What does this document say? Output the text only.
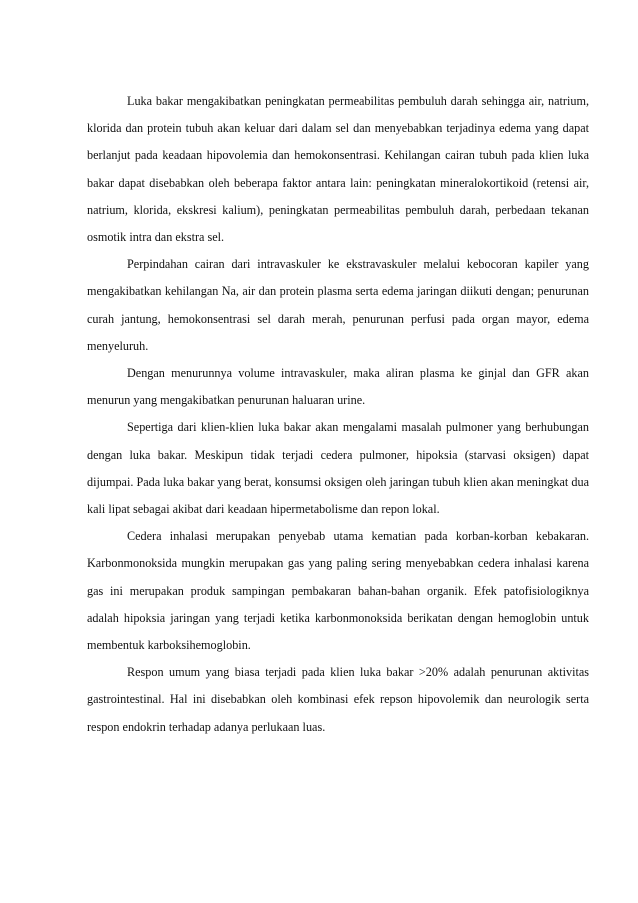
Luka bakar mengakibatkan peningkatan permeabilitas pembuluh darah sehingga air, natrium, klorida dan protein tubuh akan keluar dari dalam sel dan menyebabkan terjadinya edema yang dapat berlanjut pada keadaan hipovolemia dan hemokonsentrasi. Kehilangan cairan tubuh pada klien luka bakar dapat disebabkan oleh beberapa faktor antara lain: peningkatan mineralokortikoid (retensi air, natrium, klorida, ekskresi kalium), peningkatan permeabilitas pembuluh darah, perbedaan tekanan osmotik intra dan ekstra sel.

Perpindahan cairan dari intravaskuler ke ekstravaskuler melalui kebocoran kapiler yang mengakibatkan kehilangan Na, air dan protein plasma serta edema jaringan diikuti dengan; penurunan curah jantung, hemokonsentrasi sel darah merah, penurunan perfusi pada organ mayor, edema menyeluruh.

Dengan menurunnya volume intravaskuler, maka aliran plasma ke ginjal dan GFR akan menurun yang mengakibatkan penurunan haluaran urine.

Sepertiga dari klien-klien luka bakar akan mengalami masalah pulmoner yang berhubungan dengan luka bakar. Meskipun tidak terjadi cedera pulmoner, hipoksia (starvasi oksigen) dapat dijumpai. Pada luka bakar yang berat, konsumsi oksigen oleh jaringan tubuh klien akan meningkat dua kali lipat sebagai akibat dari keadaan hipermetabolisme dan repon lokal.

Cedera inhalasi merupakan penyebab utama kematian pada korban-korban kebakaran. Karbonmonoksida mungkin merupakan gas yang paling sering menyebabkan cedera inhalasi karena gas ini merupakan produk sampingan pembakaran bahan-bahan organik. Efek patofisiologiknya adalah hipoksia jaringan yang terjadi ketika karbonmonoksida berikatan dengan hemoglobin untuk membentuk karboksihemoglobin.

Respon umum yang biasa terjadi pada klien luka bakar >20% adalah penurunan aktivitas gastrointestinal. Hal ini disebabkan oleh kombinasi efek repson hipovolemik dan neurologik serta respon endokrin terhadap adanya perlukaan luas.
